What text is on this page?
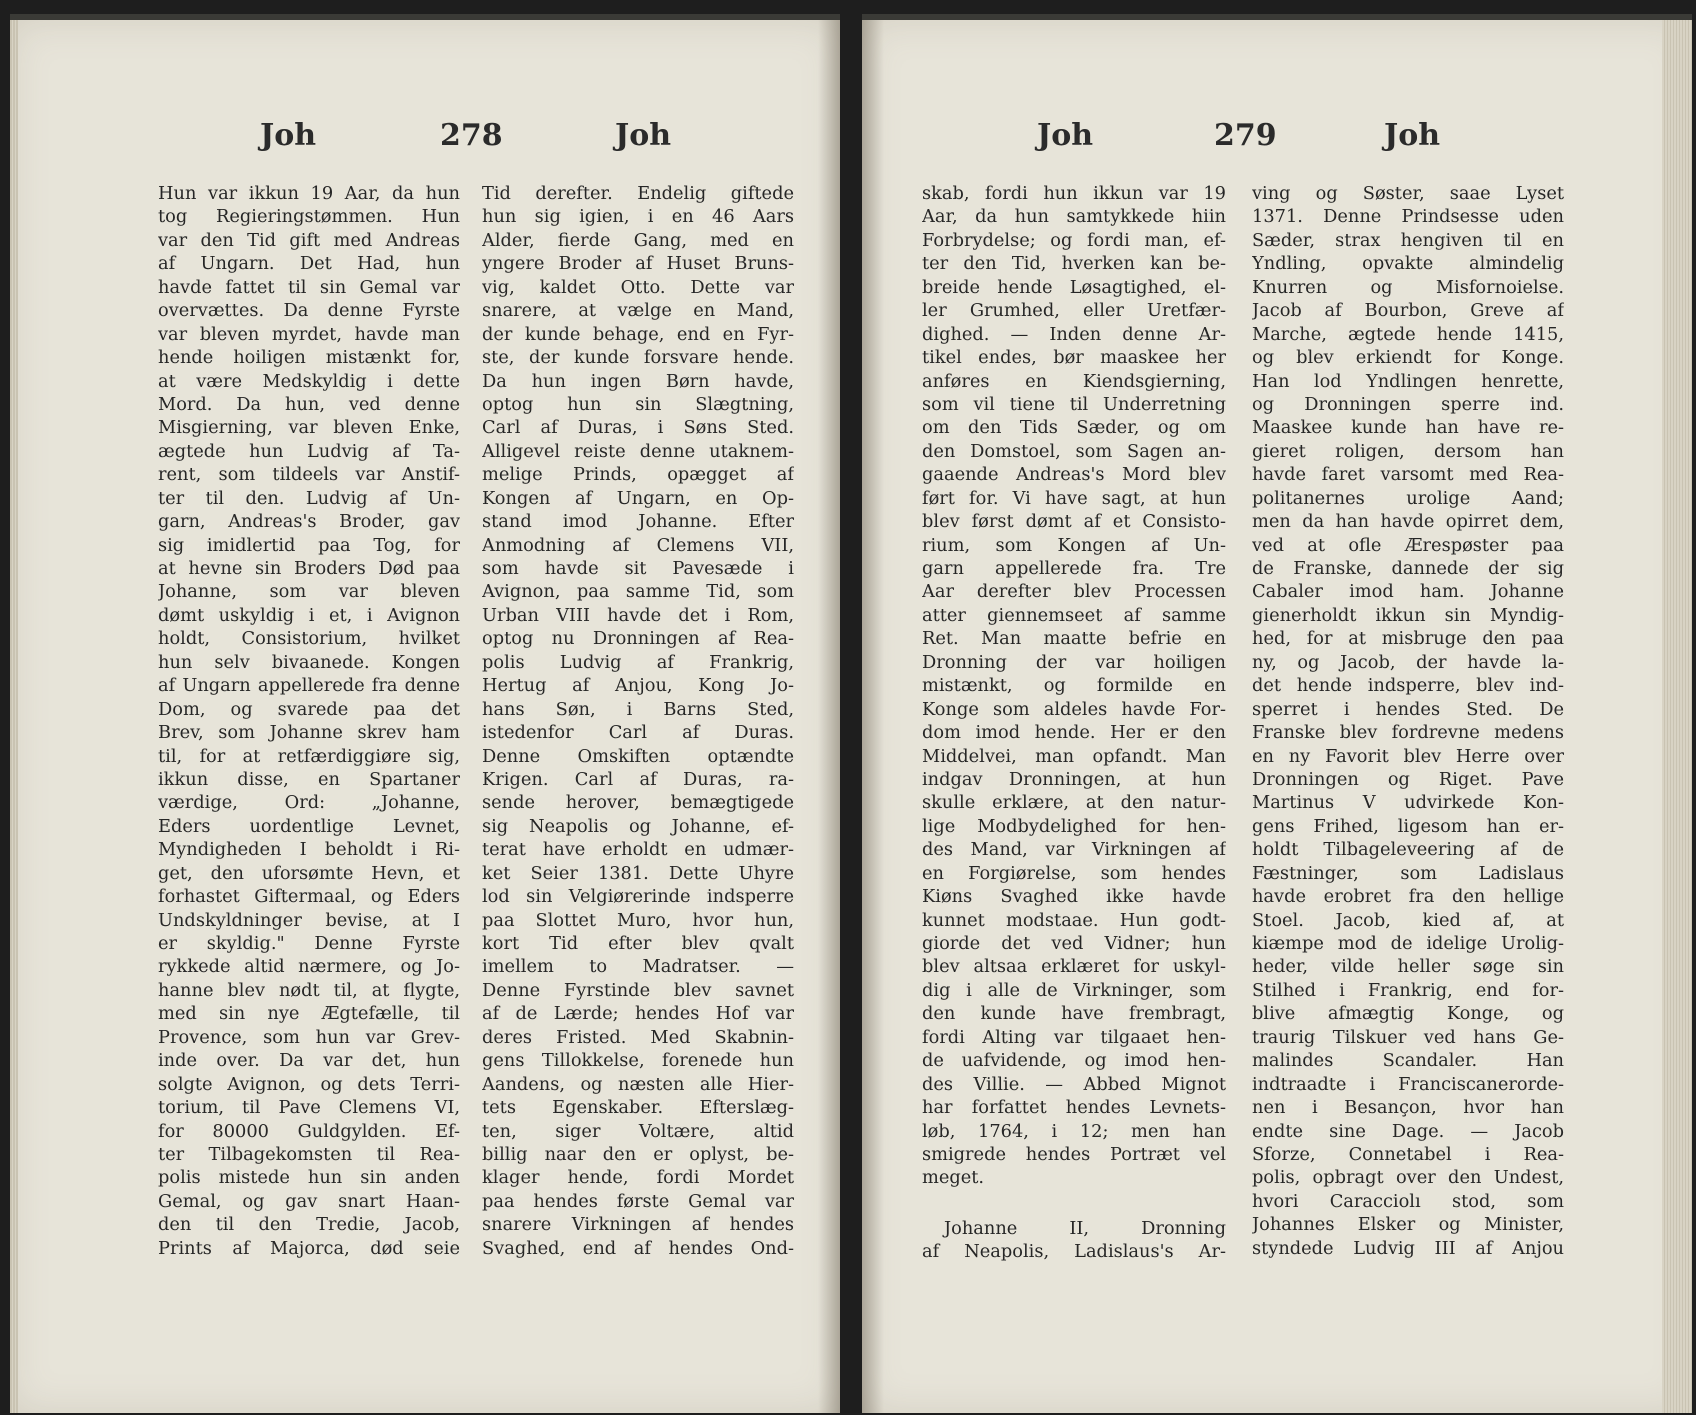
Joh	278	Joh
Hun var ikkun 19 Aar, da hun
tog Regieringstømmen. Hun
var den Tid gift med Andreas
af Ungarn. Det Had, hun
havde fattet til sin Gemal var
overvættes. Da denne Fyrste
var bleven myrdet, havde man
hende hoiligen mistænkt for,
at være Medskyldig i dette
Mord. Da hun, ved denne
Misgierning, var bleven Enke,
ægtede hun Ludvig af Ta-
rent, som tildeels var Anstif-
ter til den. Ludvig af Un-
garn, Andreas's Broder, gav
sig imidlertid paa Tog, for
at hevne sin Broders Død paa
Johanne, som var bleven
dømt uskyldig i et, i Avignon
holdt, Consistorium, hvilket
hun selv bivaanede. Kongen
af Ungarn appellerede fra denne
Dom, og svarede paa det
Brev, som Johanne skrev ham
til, for at retfærdiggiøre sig,
ikkun disse, en Spartaner
værdige, Ord: „Johanne,
Eders uordentlige Levnet,
Myndigheden I beholdt i Ri-
get, den uforsømte Hevn, et
forhastet Giftermaal, og Eders
Undskyldninger bevise, at I
er skyldig." Denne Fyrste
rykkede altid nærmere, og Jo-
hanne blev nødt til, at flygte,
med sin nye Ægtefælle, til
Provence, som hun var Grev-
inde over. Da var det, hun
solgte Avignon, og dets Terri-
torium, til Pave Clemens VI,
for 80000 Guldgylden. Ef-
ter Tilbagekomsten til Rea-
polis mistede hun sin anden
Gemal, og gav snart Haan-
den til den Tredie, Jacob,
Prints af Majorca, død seie
Tid derefter. Endelig giftede
hun sig igien, i en 46 Aars
Alder, fierde Gang, med en
yngere Broder af Huset Bruns-
vig, kaldet Otto. Dette var
snarere, at vælge en Mand,
der kunde behage, end en Fyr-
ste, der kunde forsvare hende.
Da hun ingen Børn havde,
optog hun sin Slægtning,
Carl af Duras, i Søns Sted.
Alligevel reiste denne utaknem-
melige Prinds, opægget af
Kongen af Ungarn, en Op-
stand imod Johanne. Efter
Anmodning af Clemens VII,
som havde sit Pavesæde i
Avignon, paa samme Tid, som
Urban VIII havde det i Rom,
optog nu Dronningen af Rea-
polis Ludvig af Frankrig,
Hertug af Anjou, Kong Jo-
hans Søn, i Barns Sted,
istedenfor Carl af Duras.
Denne Omskiften optændte
Krigen. Carl af Duras, ra-
sende herover, bemægtigede
sig Neapolis og Johanne, ef-
terat have erholdt en udmær-
ket Seier 1381. Dette Uhyre
lod sin Velgiørerinde indsperre
paa Slottet Muro, hvor hun,
kort Tid efter blev qvalt
imellem to Madratser. —
Denne Fyrstinde blev savnet
af de Lærde; hendes Hof var
deres Fristed. Med Skabnin-
gens Tillokkelse, forenede hun
Aandens, og næsten alle Hier-
tets Egenskaber. Efterslæg-
ten, siger Voltære, altid
billig naar den er oplyst, be-
klager hende, fordi Mordet
paa hendes første Gemal var
snarere Virkningen af hendes
Svaghed, end af hendes Ond-
Joh	279	Joh
skab, fordi hun ikkun var 19
Aar, da hun samtykkede hiin
Forbrydelse; og fordi man, ef-
ter den Tid, hverken kan be-
breide hende Løsagtighed, el-
ler Grumhed, eller Uretfær-
dighed. — Inden denne Ar-
tikel endes, bør maaskee her
anføres en Kiendsgierning,
som vil tiene til Underretning
om den Tids Sæder, og om
den Domstoel, som Sagen an-
gaaende Andreas's Mord blev
ført for. Vi have sagt, at hun
blev først dømt af et Consisto-
rium, som Kongen af Un-
garn appellerede fra. Tre
Aar derefter blev Processen
atter giennemseet af samme
Ret. Man maatte befrie en
Dronning der var hoiligen
mistænkt, og formilde en
Konge som aldeles havde For-
dom imod hende. Her er den
Middelvei, man opfandt. Man
indgav Dronningen, at hun
skulle erklære, at den natur-
lige Modbydelighed for hen-
des Mand, var Virkningen af
en Forgiørelse, som hendes
Kiøns Svaghed ikke havde
kunnet modstaae. Hun godt-
giorde det ved Vidner; hun
blev altsaa erklæret for uskyl-
dig i alle de Virkninger, som
den kunde have frembragt,
fordi Alting var tilgaaet hen-
de uafvidende, og imod hen-
des Villie. — Abbed Mignot
har forfattet hendes Levnets-
løb, 1764, i 12; men han
smigrede hendes Portræt vel
meget.
Johanne II, Dronning
af Neapolis, Ladislaus's Ar-
ving og Søster, saae Lyset
1371. Denne Prindsesse uden
Sæder, strax hengiven til en
Yndling, opvakte almindelig
Knurren og Misfornoielse.
Jacob af Bourbon, Greve af
Marche, ægtede hende 1415,
og blev erkiendt for Konge.
Han lod Yndlingen henrette,
og Dronningen sperre ind.
Maaskee kunde han have re-
gieret roligen, dersom han
havde faret varsomt med Rea-
politanernes urolige Aand;
men da han havde opirret dem,
ved at ofle Ærespøster paa
de Franske, dannede der sig
Cabaler imod ham. Johanne
gienerholdt ikkun sin Myndig-
hed, for at misbruge den paa
ny, og Jacob, der havde la-
det hende indsperre, blev ind-
sperret i hendes Sted. De
Franske blev fordrevne medens
en ny Favorit blev Herre over
Dronningen og Riget. Pave
Martinus V udvirkede Kon-
gens Frihed, ligesom han er-
holdt Tilbageleveering af de
Fæstninger, som Ladislaus
havde erobret fra den hellige
Stoel. Jacob, kied af, at
kiæmpe mod de idelige Urolig-
heder, vilde heller søge sin
Stilhed i Frankrig, end for-
blive afmægtig Konge, og
traurig Tilskuer ved hans Ge-
malindes Scandaler. Han
indtraadte i Franciscanerorde-
nen i Besançon, hvor han
endte sine Dage. — Jacob
Sforze, Connetabel i Rea-
polis, opbragt over den Undest,
hvori Caracciolı stod, som
Johannes Elsker og Minister,
styndede Ludvig III af Anjou
